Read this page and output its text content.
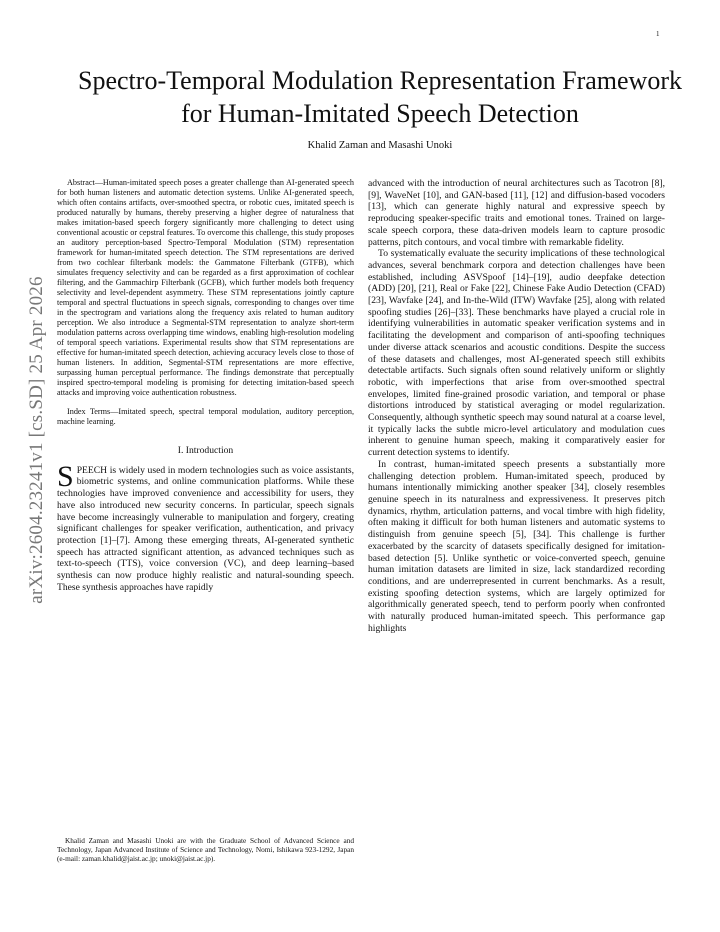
1
arXiv:2604.23241v1 [cs.SD] 25 Apr 2026
Spectro-Temporal Modulation Representation Framework for Human-Imitated Speech Detection
Khalid Zaman and Masashi Unoki

Abstract—Human-imitated speech poses a greater challenge than AI-generated speech for both human listeners and automatic detection systems. Unlike AI-generated speech, which often contains artifacts, over-smoothed spectra, or robotic cues, imitated speech is produced naturally by humans, thereby preserving a higher degree of naturalness that makes imitation-based speech forgery significantly more challenging to detect using conventional acoustic or cepstral features. To overcome this challenge, this study proposes an auditory perception-based Spectro-Temporal Modulation (STM) representation framework for human-imitated speech detection. The STM representations are derived from two cochlear filterbank models: the Gammatone Filterbank (GTFB), which simulates frequency selectivity and can be regarded as a first approximation of cochlear filtering, and the Gammachirp Filterbank (GCFB), which further models both frequency selectivity and level-dependent asymmetry. These STM representations jointly capture temporal and spectral fluctuations in speech signals, corresponding to changes over time in the spectrogram and variations along the frequency axis related to human auditory perception. We also introduce a Segmental-STM representation to analyze short-term modulation patterns across overlapping time windows, enabling high-resolution modeling of temporal speech variations. Experimental results show that STM representations are effective for human-imitated speech detection, achieving accuracy levels close to those of human listeners. In addition, Segmental-STM representations are more effective, surpassing human perceptual performance. The findings demonstrate that perceptually inspired spectro-temporal modeling is promising for detecting imitation-based speech attacks and improving voice authentication robustness.

Index Terms—Imitated speech, spectral temporal modulation, auditory perception, machine learning.

I. Introduction

SPEECH is widely used in modern technologies such as voice assistants, biometric systems, and online communication platforms. While these technologies have improved convenience and accessibility for users, they have also introduced new security concerns. In particular, speech signals have become increasingly vulnerable to manipulation and forgery, creating significant challenges for speaker verification, authentication, and privacy protection [1]–[7]. Among these emerging threats, AI-generated synthetic speech has attracted significant attention, as advanced techniques such as text-to-speech (TTS), voice conversion (VC), and deep learning–based synthesis can now produce highly realistic and natural-sounding speech. These synthesis approaches have rapidly

Khalid Zaman and Masashi Unoki are with the Graduate School of Advanced Science and Technology, Japan Advanced Institute of Science and Technology, Nomi, Ishikawa 923-1292, Japan (e-mail: zaman.khalid@jaist.ac.jp; unoki@jaist.ac.jp).

advanced with the introduction of neural architectures such as Tacotron [8], [9], WaveNet [10], and GAN-based [11], [12] and diffusion-based vocoders [13], which can generate highly natural and expressive speech by reproducing speaker-specific traits and emotional tones. Trained on large-scale speech corpora, these data-driven models learn to capture prosodic patterns, pitch contours, and vocal timbre with remarkable fidelity.

To systematically evaluate the security implications of these technological advances, several benchmark corpora and detection challenges have been established, including ASVSpoof [14]–[19], audio deepfake detection (ADD) [20], [21], Real or Fake [22], Chinese Fake Audio Detection (CFAD) [23], Wavfake [24], and In-the-Wild (ITW) Wavfake [25], along with related spoofing studies [26]–[33]. These benchmarks have played a crucial role in identifying vulnerabilities in automatic speaker verification systems and in facilitating the development and comparison of anti-spoofing techniques under diverse attack scenarios and acoustic conditions. Despite the success of these datasets and challenges, most AI-generated speech still exhibits detectable artifacts. Such signals often sound relatively uniform or slightly robotic, with imperfections that arise from over-smoothed spectral envelopes, limited fine-grained prosodic variation, and temporal or phase distortions introduced by statistical averaging or model regularization. Consequently, although synthetic speech may sound natural at a coarse level, it typically lacks the subtle micro-level articulatory and modulation cues inherent to genuine human speech, making it comparatively easier for current detection systems to identify.

In contrast, human-imitated speech presents a substantially more challenging detection problem. Human-imitated speech, produced by humans intentionally mimicking another speaker [34], closely resembles genuine speech in its naturalness and expressiveness. It preserves pitch dynamics, rhythm, articulation patterns, and vocal timbre with high fidelity, often making it difficult for both human listeners and automatic systems to distinguish from genuine speech [5], [34]. This challenge is further exacerbated by the scarcity of datasets specifically designed for imitation-based detection [5]. Unlike synthetic or voice-converted speech, genuine human imitation datasets are limited in size, lack standardized recording conditions, and are underrepresented in current benchmarks. As a result, existing spoofing detection systems, which are largely optimized for algorithmically generated speech, tend to perform poorly when confronted with naturally produced human-imitated speech. This performance gap highlights
